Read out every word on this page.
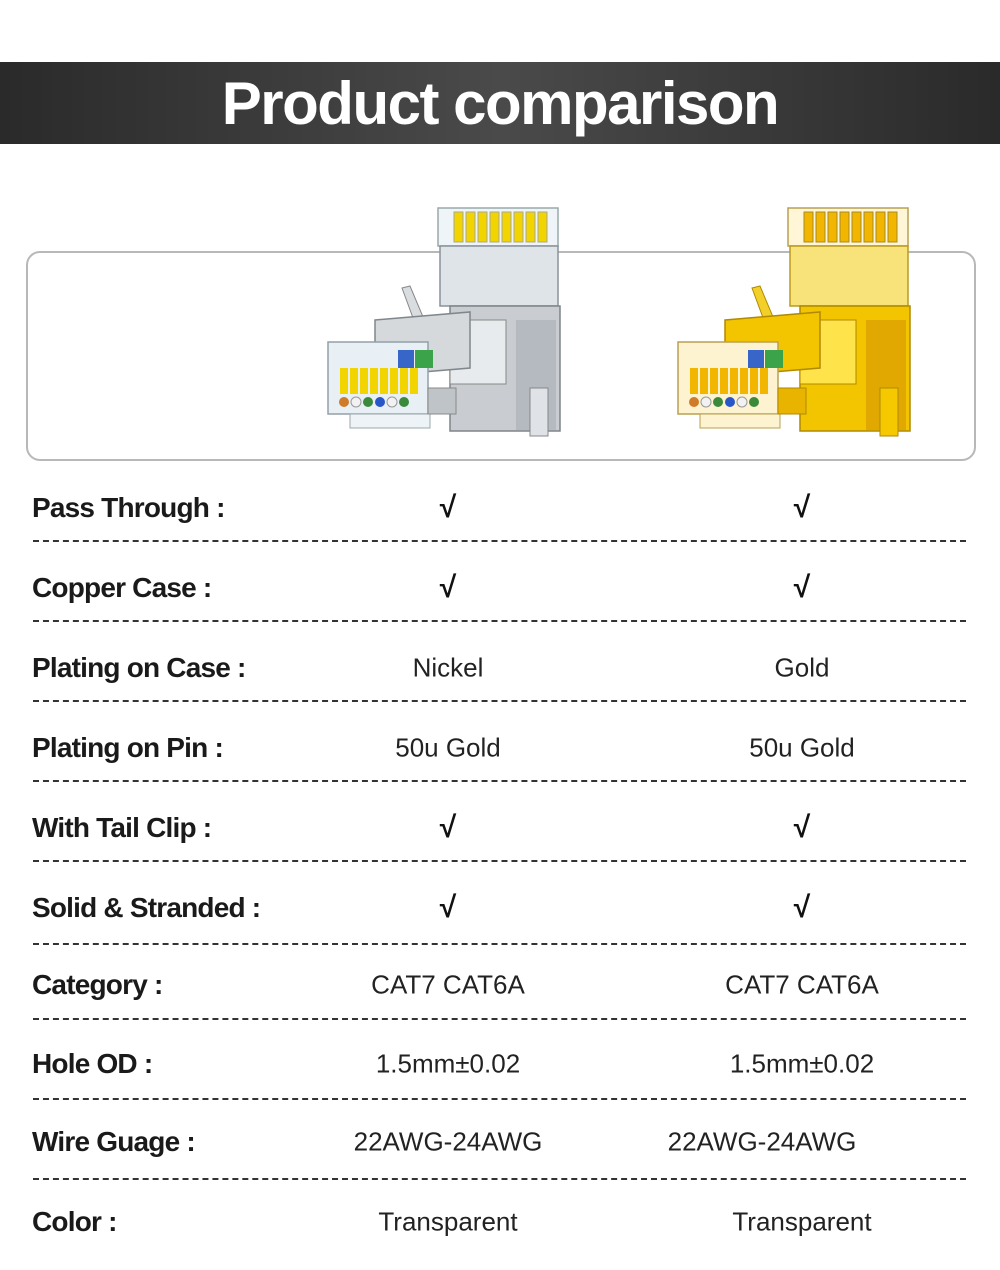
Product comparison
Pass Through :	√	√
Copper Case :	√	√
Plating on Case :	Nickel	Gold
Plating on Pin :	50u Gold	50u Gold
With Tail Clip :	√	√
Solid & Stranded :	√	√
Category :	CAT7 CAT6A	CAT7 CAT6A
Hole OD :	1.5mm±0.02	1.5mm±0.02
Wire Guage :	22AWG-24AWG	22AWG-24AWG
Color :	Transparent	Transparent
